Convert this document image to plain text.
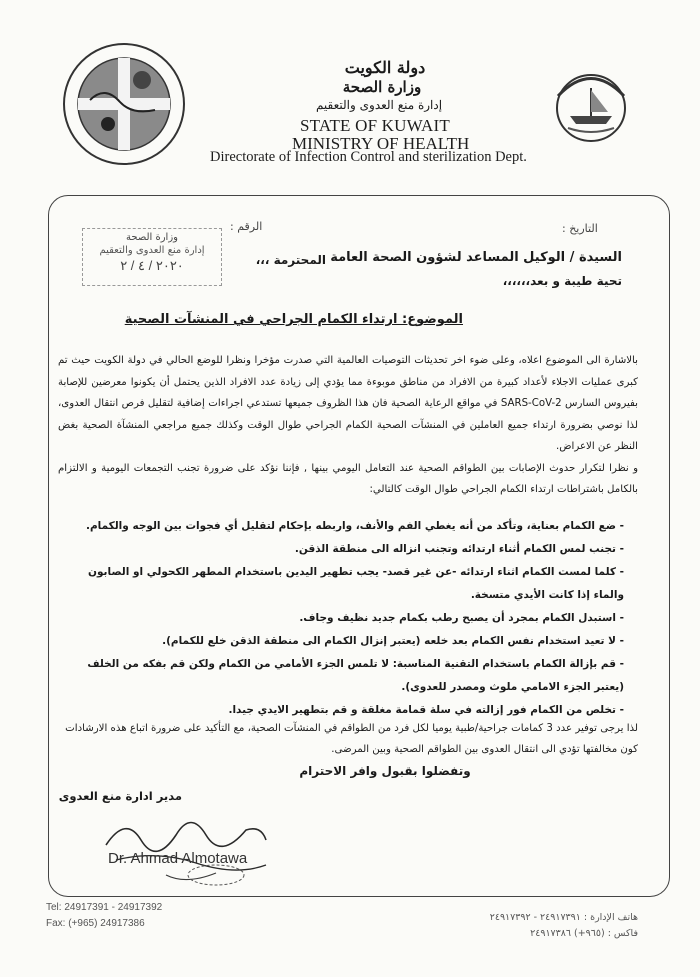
دولة الكويت
وزارة الصحة
إدارة منع العدوى والتعقيم
STATE OF KUWAIT
MINISTRY OF HEALTH
Directorate of Infection Control and sterilization Dept.
التاريخ :
الرقم :
وزارة الصحة
إدارة منع العدوى والتعقيم
٢٠٢٠ / ٤ / ٢
السيدة / الوكيل المساعد لشؤون الصحة العامة
المحترمة ،،،
تحية طيبة و بعد،،،،،،
الموضوع: ارتداء الكمام الجراحي في المنشآت الصحية

بالاشارة الى الموضوع اعلاه، وعلى ضوء اخر تحديثات التوصيات العالمية التي صدرت مؤخرا ونظرا للوضع الحالي في دولة الكويت حيث تم كبرى عمليات الاجلاء لأعداد كبيرة من الافراد من مناطق موبوءة مما يؤدي إلى زيادة عدد الافراد الذين يحتمل أن يكونوا معرضين للإصابة بفيروس السارس SARS-CoV-2 في مواقع الرعاية الصحية فان هذا الظروف جميعها تستدعي اجراءات إضافية لتقليل فرص انتقال العدوى، لذا نوصي بضرورة ارتداء جميع العاملين في المنشآت الصحية الكمام الجراحي طوال الوقت وكذلك جميع مراجعي المنشآة الصحية بغض النظر عن الاعراض.

و نظرا لتكرار حدوث الإصابات بين الطواقم الصحية عند التعامل اليومي بينها , فإننا نؤكد على ضرورة تجنب التجمعات اليومية و الالتزام بالكامل باشتراطات ارتداء الكمام الجراحي طوال الوقت كالتالي:

- ضع الكمام بعناية، وتأكد من أنه يغطي الفم والأنف، واربطه بإحكام لتقليل أي فجوات بين الوجه والكمام.

- تجنب لمس الكمام أثناء ارتدائه وتجنب انزاله الى منطقة الذقن.

- كلما لمست الكمام اثناء ارتدائه -عن غير قصد- يجب تطهير اليدين باستخدام المطهر الكحولي او الصابون والماء إذا كانت الأيدي متسخة.

- استبدل الكمام بمجرد أن يصبح رطب بكمام جديد نظيف وجاف.

- لا تعيد استخدام نفس الكمام بعد خلعه (يعتبر إنزال الكمام الى منطقة الذقن خلع للكمام).

- قم بإزالة الكمام باستخدام التقنية المناسبة: لا تلمس الجزء الأمامي من الكمام ولكن قم بفكه من الخلف (يعتبر الجزء الامامي ملوث ومصدر للعدوى).

- تخلص من الكمام فور إزالته في سلة قمامة مغلقة و قم بتطهير الايدي جيدا.

لذا يرجى توفير عدد 3 كمامات جراحية/طبية يوميا لكل فرد من الطواقم في المنشآت الصحية، مع التأكيد على ضرورة اتباع هذه الارشادات كون مخالفتها تؤدي الى انتقال العدوى بين الطواقم الصحية وبين المرضى.

وتفضلوا بقبول وافر الاحترام
مدير ادارة منع العدوى
Dr. Ahmad Almotawa
Tel: 24917391 - 24917392
Fax: (+965) 24917386
هاتف الإدارة : ٢٤٩١٧٣٩١ - ٢٤٩١٧٣٩٢
فاكس : (٩٦٥+) ٢٤٩١٧٣٨٦
